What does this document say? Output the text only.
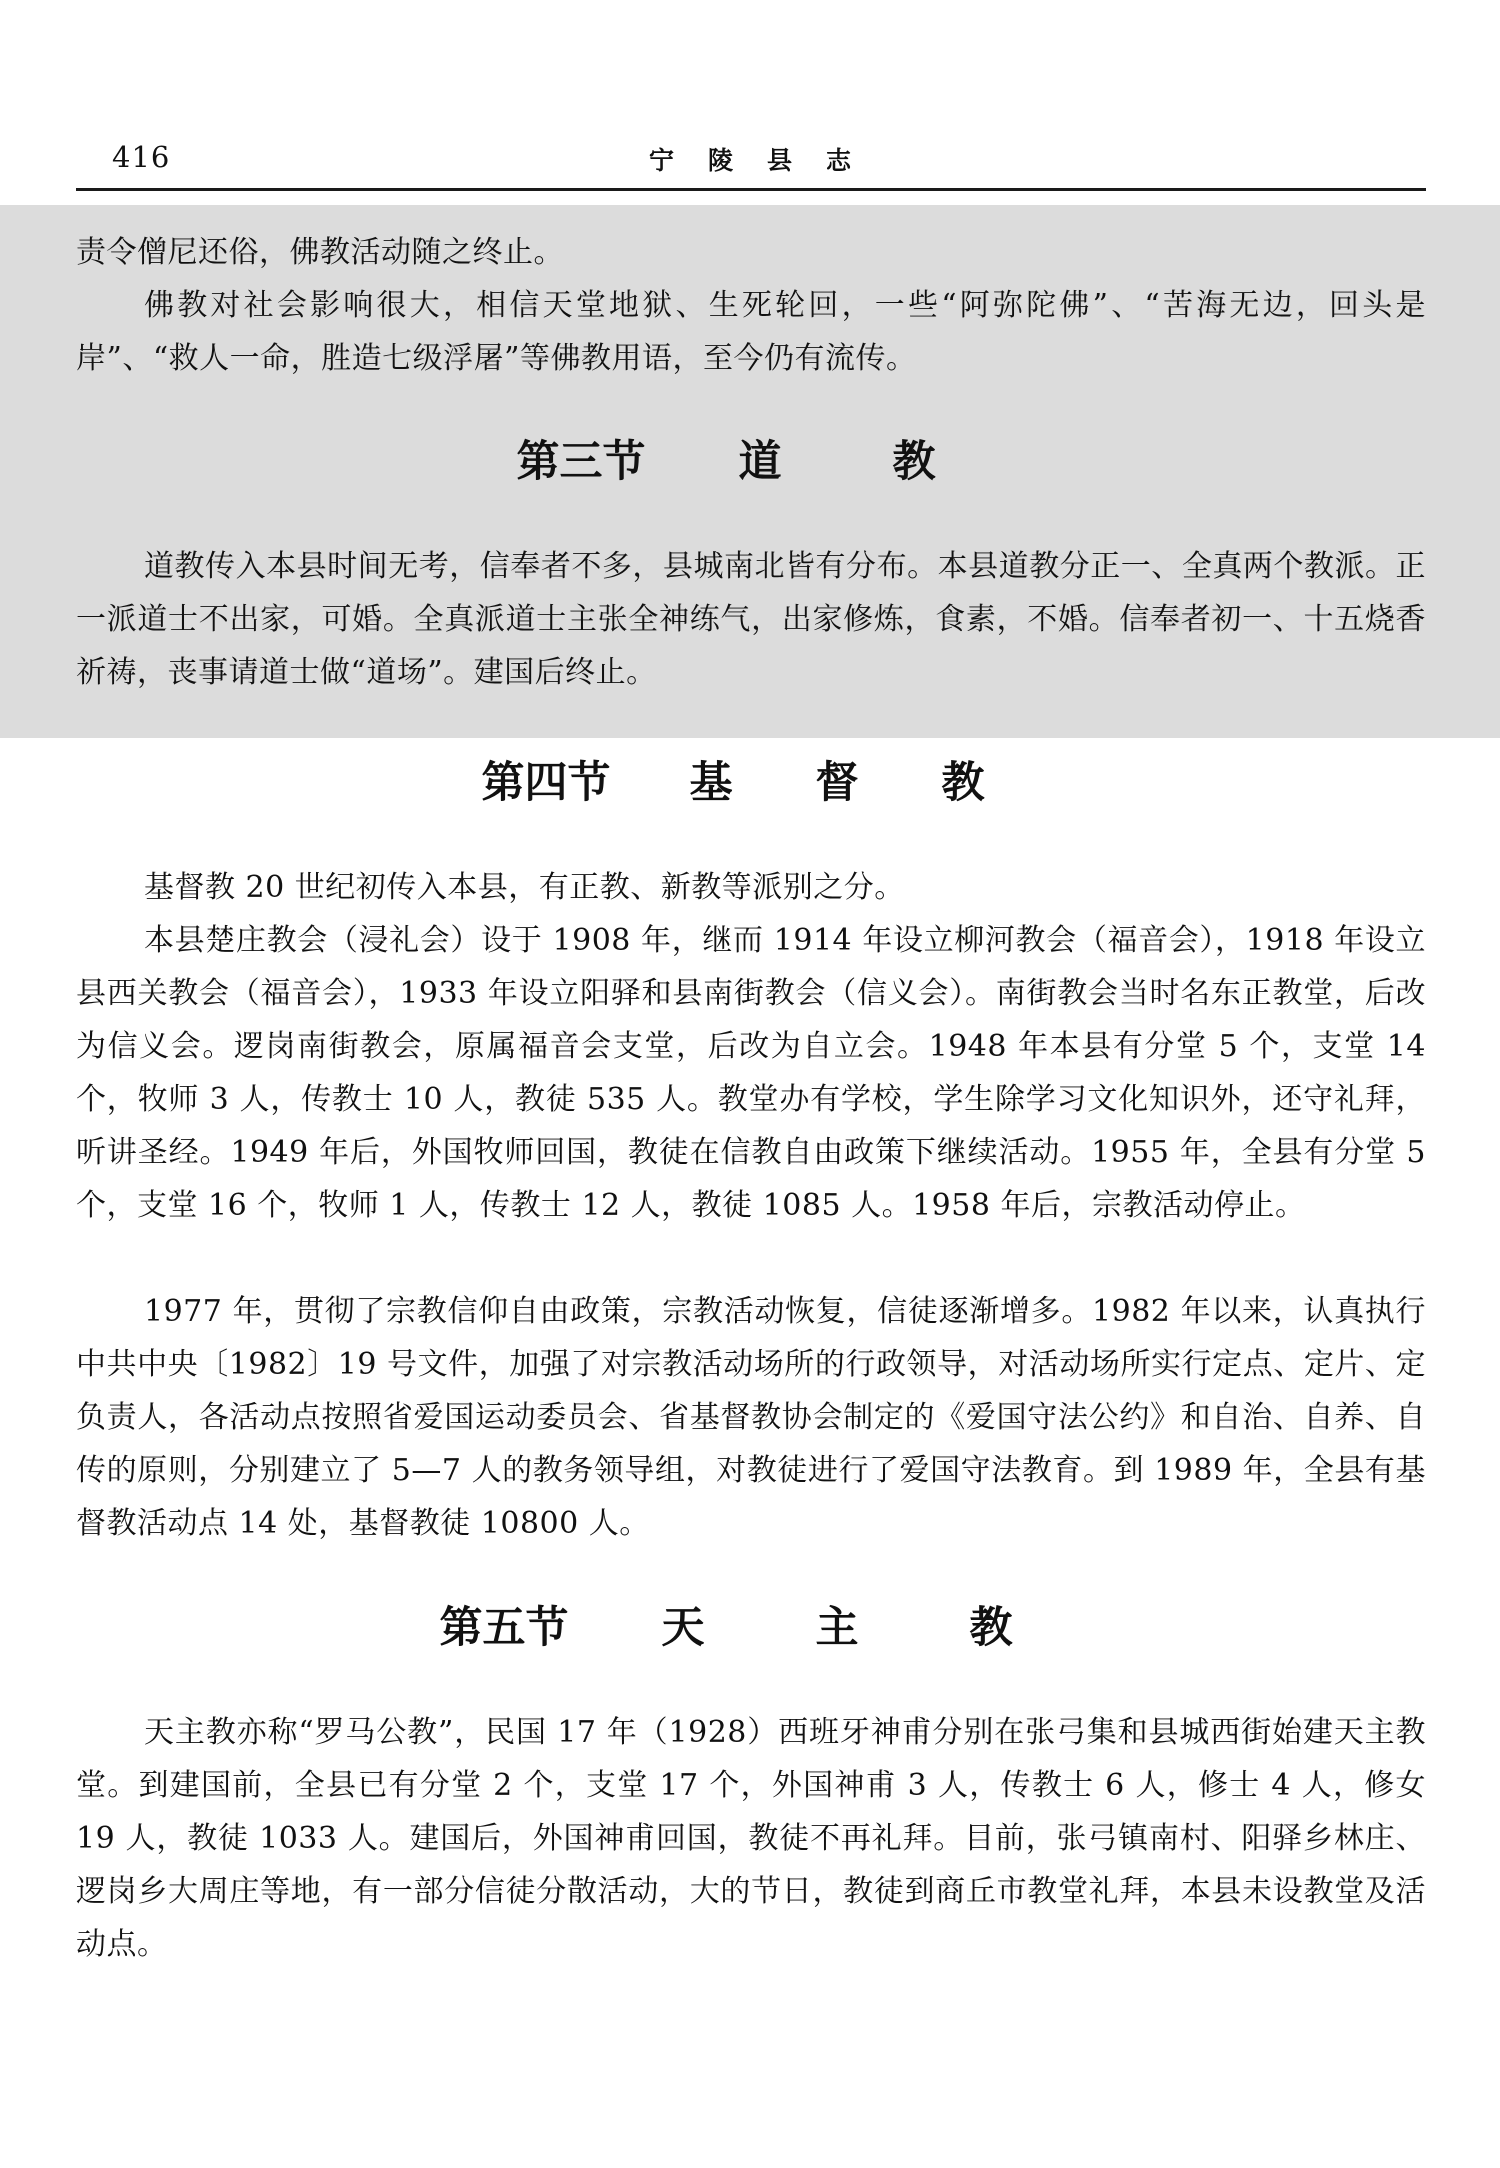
416	宁陵县志

责令僧尼还俗，佛教活动随之终止。

佛教对社会影响很大，相信天堂地狱、生死轮回，一些“阿弥陀佛”、“苦海无边，回头是岸”、“救人一命，胜造七级浮屠”等佛教用语，至今仍有流传。

第三节 道	教

道教传入本县时间无考，信奉者不多，县城南北皆有分布。本县道教分正一、全真两个教派。正一派道士不出家，可婚。全真派道士主张全神练气，出家修炼，食素，不婚。信奉者初一、十五烧香祈祷，丧事请道士做“道场”。建国后终止。

第四节 基 督 教

基督教 20 世纪初传入本县，有正教、新教等派别之分。

本县楚庄教会（浸礼会）设于 1908 年，继而 1914 年设立柳河教会（福音会），1918 年设立县西关教会（福音会），1933 年设立阳驿和县南街教会（信义会）。南街教会当时名东正教堂，后改为信义会。逻岗南街教会，原属福音会支堂，后改为自立会。1948 年本县有分堂 5 个，支堂 14 个，牧师 3 人，传教士 10 人，教徒 535 人。教堂办有学校，学生除学习文化知识外，还守礼拜，听讲圣经。1949 年后，外国牧师回国，教徒在信教自由政策下继续活动。1955 年，全县有分堂 5 个，支堂 16 个，牧师 1 人，传教士 12 人，教徒 1085 人。1958 年后，宗教活动停止。

1977 年，贯彻了宗教信仰自由政策，宗教活动恢复，信徒逐渐增多。1982 年以来，认真执行中共中央〔1982〕19 号文件，加强了对宗教活动场所的行政领导，对活动场所实行定点、定片、定负责人，各活动点按照省爱国运动委员会、省基督教协会制定的《爱国守法公约》和自治、自养、自传的原则，分别建立了 5—7 人的教务领导组，对教徒进行了爱国守法教育。到 1989 年，全县有基督教活动点 14 处，基督教徒 10800 人。

第五节 天	主	教

天主教亦称“罗马公教”，民国 17 年（1928）西班牙神甫分别在张弓集和县城西街始建天主教堂。到建国前，全县已有分堂 2 个，支堂 17 个，外国神甫 3 人，传教士 6 人，修士 4 人，修女 19 人，教徒 1033 人。建国后，外国神甫回国，教徒不再礼拜。目前，张弓镇南村、阳驿乡林庄、逻岗乡大周庄等地，有一部分信徒分散活动，大的节日，教徒到商丘市教堂礼拜，本县未设教堂及活动点。
